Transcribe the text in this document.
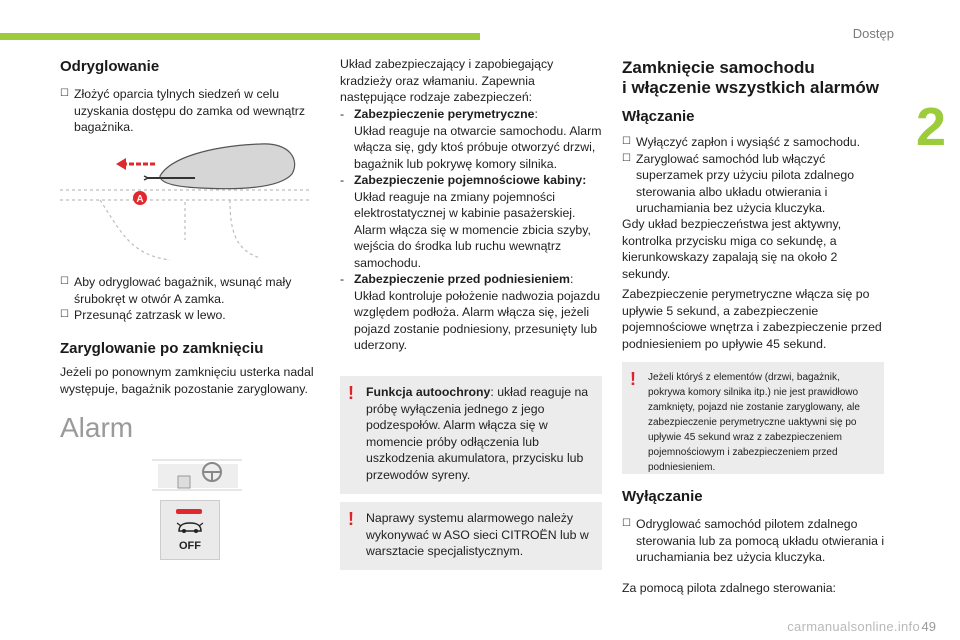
Dostęp
2
Odryglowanie
☐ Złożyć oparcia tylnych siedzeń w celu uzyskania dostępu do zamka od wewnątrz bagażnika.
A
☐ Aby odryglować bagażnik, wsunąć mały śrubokręt w otwór A zamka.
☐ Przesunąć zatrzask w lewo.
Zaryglowanie po zamknięciu

Jeżeli po ponownym zamknięciu usterka nadal występuje, bagażnik pozostanie zaryglowany.

Alarm
OFF

Układ zabezpieczający i zapobiegający kradzieży oraz włamaniu. Zapewnia następujące rodzaje zabezpieczeń:

- Zabezpieczenie perymetryczne:
Układ reaguje na otwarcie samochodu. Alarm włącza się, gdy ktoś próbuje otworzyć drzwi, bagażnik lub pokrywę komory silnika.
- Zabezpieczenie pojemnościowe kabiny:
Układ reaguje na zmiany pojemności elektrostatycznej w kabinie pasażerskiej. Alarm włącza się w momencie zbicia szyby, wejścia do środka lub ruchu wewnątrz samochodu.
- Zabezpieczenie przed podniesieniem:
Układ kontroluje położenie nadwozia pojazdu względem podłoża. Alarm włącza się, jeżeli pojazd zostanie podniesiony, przesunięty lub uderzony.
! Funkcja autoochrony: układ reaguje na próbę wyłączenia jednego z jego podzespołów. Alarm włącza się w momencie próby odłączenia lub uszkodzenia akumulatora, przycisku lub przewodów syreny.
! Naprawy systemu alarmowego należy wykonywać w ASO sieci CITROËN lub w warsztacie specjalistycznym.
Zamknięcie samochodu
i włączenie wszystkich alarmów
Włączanie
☐ Wyłączyć zapłon i wysiąść z samochodu.
☐ Zaryglować samochód lub włączyć superzamek przy użyciu pilota zdalnego sterowania albo układu otwierania i uruchamiania bez użycia kluczyka.

Gdy układ bezpieczeństwa jest aktywny, kontrolka przycisku miga co sekundę, a kierunkowskazy zapalają się na około 2 sekundy.

Zabezpieczenie perymetryczne włącza się po upływie 5 sekund, a zabezpieczenie pojemnościowe wnętrza i zabezpieczenie przed podniesieniem po upływie 45 sekund.

! Jeżeli któryś z elementów (drzwi, bagażnik, pokrywa komory silnika itp.) nie jest prawidłowo zamknięty, pojazd nie zostanie zaryglowany, ale zabezpieczenie perymetryczne uaktywni się po upływie 45 sekund wraz z zabezpieczeniem pojemnościowym i zabezpieczeniem przed podniesieniem.
Wyłączanie
☐ Odryglować samochód pilotem zdalnego sterowania lub za pomocą układu otwierania i uruchamiania bez użycia kluczyka.

Za pomocą pilota zdalnego sterowania:

carmanualsonline.info 49
